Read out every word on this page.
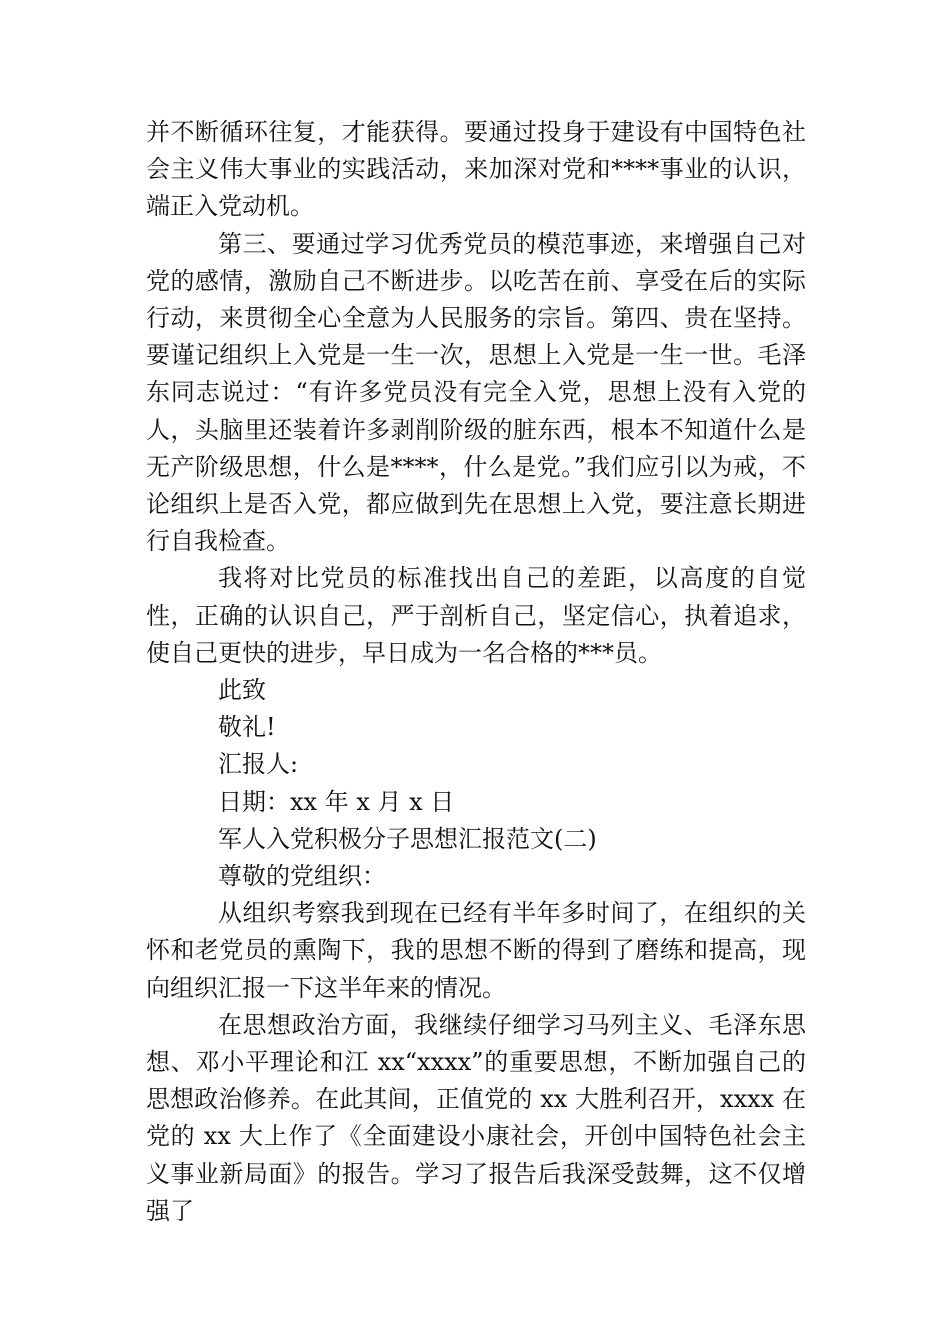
并不断循环往复，才能获得。要通过投身于建设有中国特色社会主义伟大事业的实践活动，来加深对党和****事业的认识，端正入党动机。

第三、要通过学习优秀党员的模范事迹，来增强自己对党的感情，激励自己不断进步。以吃苦在前、享受在后的实际行动，来贯彻全心全意为人民服务的宗旨。第四、贵在坚持。要谨记组织上入党是一生一次，思想上入党是一生一世。毛泽东同志说过：“有许多党员没有完全入党，思想上没有入党的人，头脑里还装着许多剥削阶级的脏东西，根本不知道什么是无产阶级思想，什么是****，什么是党。”我们应引以为戒，不论组织上是否入党，都应做到先在思想上入党，要注意长期进行自我检查。

我将对比党员的标准找出自己的差距，以高度的自觉性，正确的认识自己，严于剖析自己，坚定信心，执着追求，使自己更快的进步，早日成为一名合格的***员。

此致
敬礼!
汇报人:
日期：xx 年 x 月 x 日
军人入党积极分子思想汇报范文(二)
尊敬的党组织：

从组织考察我到现在已经有半年多时间了，在组织的关怀和老党员的熏陶下，我的思想不断的得到了磨练和提高，现向组织汇报一下这半年来的情况。

在思想政治方面，我继续仔细学习马列主义、毛泽东思想、邓小平理论和江 xx“xxxx”的重要思想，不断加强自己的思想政治修养。在此其间，正值党的 xx 大胜利召开，xxxx 在党的 xx 大上作了《全面建设小康社会，开创中国特色社会主义事业新局面》的报告。学习了报告后我深受鼓舞，这不仅增强了
